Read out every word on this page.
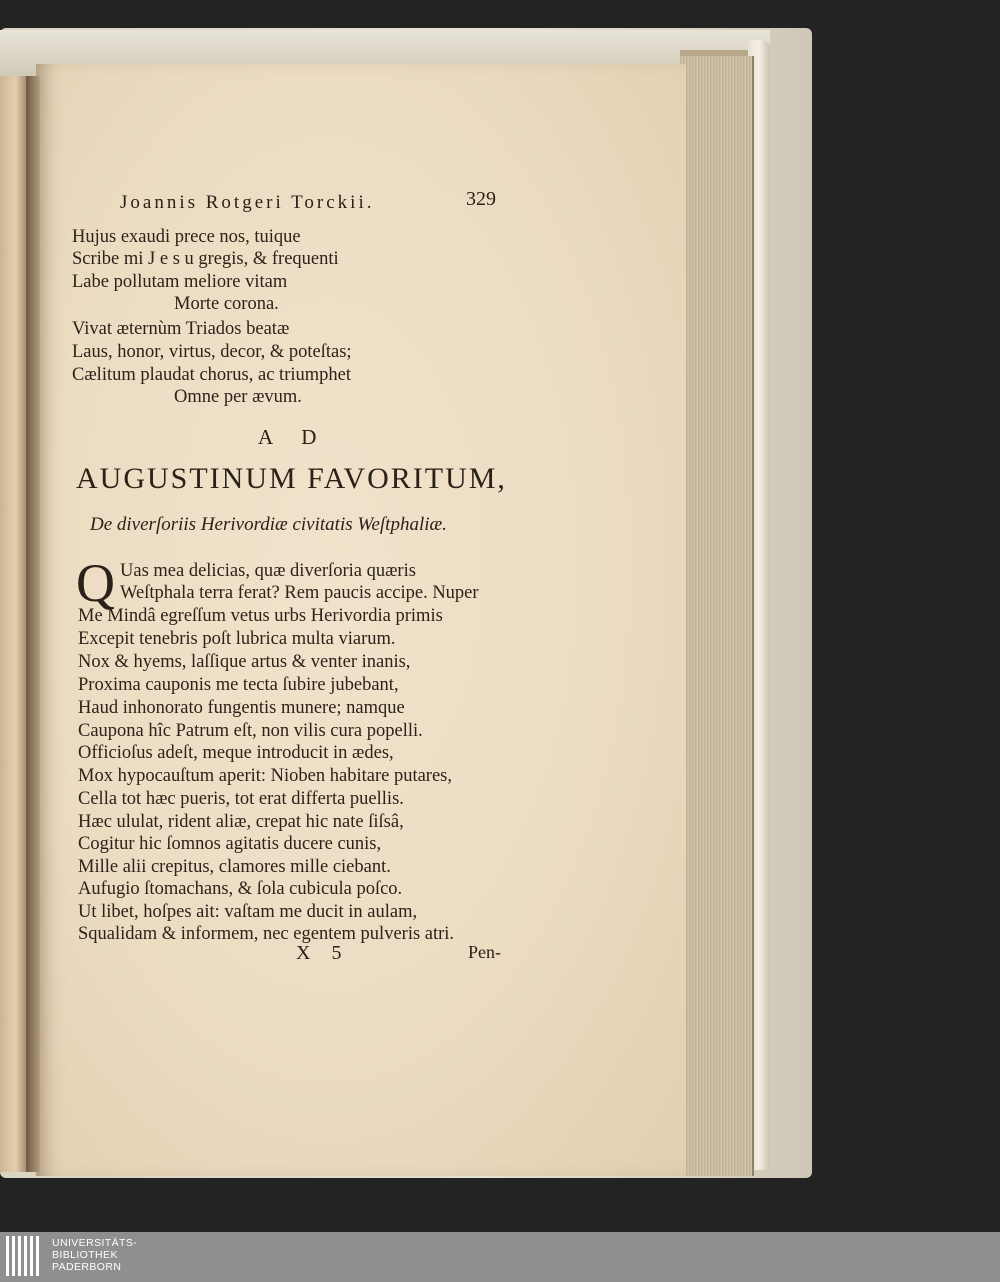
Joannis Rotgeri Torckii.	329
Hujus exaudi prece nos, tuique
Scribe mi J e s u gregis, & frequenti
Labe pollutam meliore vitam
Morte corona.
Vivat æternùm Triados beatæ
Laus, honor, virtus, decor, & poteſtas;
Cælitum plaudat chorus, ac triumphet
Omne per ævum.
A D
AUGUSTINUM FAVORITUM,
De diverſoriis Herivordiæ civitatis Weſtphaliæ.
Q Uas mea delicias, quæ diverſoria quæris
Weſtphala terra ferat? Rem paucis accipe. Nuper
Me Mindâ egreſſum vetus urbs Herivordia primis
Excepit tenebris poſt lubrica multa viarum.
Nox & hyems, laſſique artus & venter inanis,
Proxima cauponis me tecta ſubire jubebant,
Haud inhonorato fungentis munere; namque
Caupona hîc Patrum eſt, non vilis cura popelli.
Officioſus adeſt, meque introducit in ædes,
Mox hypocauſtum aperit: Nioben habitare putares,
Cella tot hæc pueris, tot erat differta puellis.
Hæc ululat, rident aliæ, crepat hic nate ſiſsâ,
Cogitur hic ſomnos agitatis ducere cunis,
Mille alii crepitus, clamores mille ciebant.
Aufugio ſtomachans, & ſola cubicula poſco.
Ut libet, hoſpes ait: vaſtam me ducit in aulam,
Squalidam & informem, nec egentem pulveris atri.
X 5	Pen-
UNIVERSITÄTS-
BIBLIOTHEK
PADERBORN
